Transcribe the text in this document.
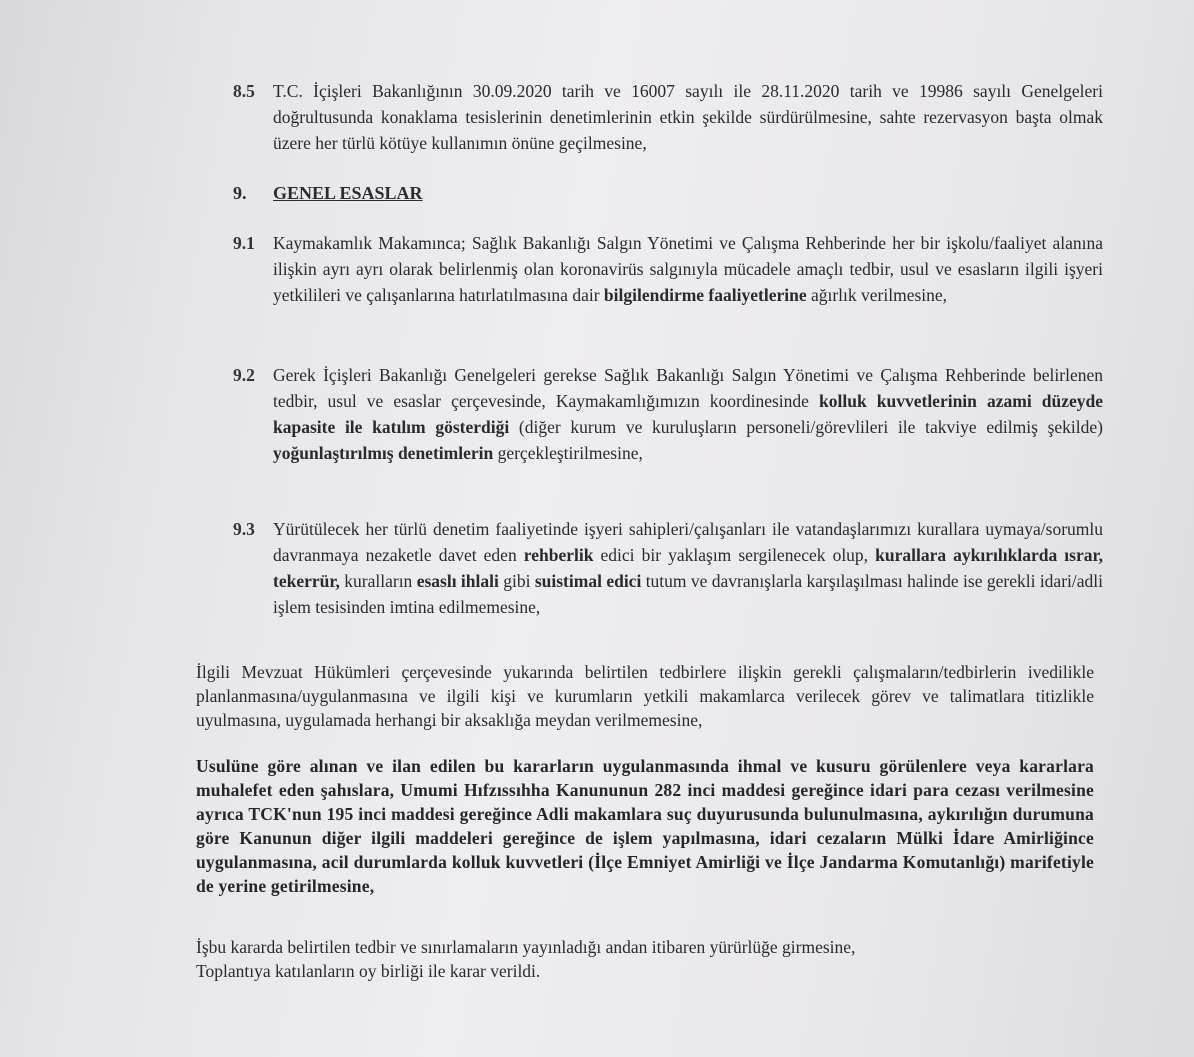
8.5 T.C. İçişleri Bakanlığının 30.09.2020 tarih ve 16007 sayılı ile 28.11.2020 tarih ve 19986 sayılı Genelgeleri doğrultusunda konaklama tesislerinin denetimlerinin etkin şekilde sürdürülmesine, sahte rezervasyon başta olmak üzere her türlü kötüye kullanımın önüne geçilmesine,
9. GENEL ESASLAR
9.1 Kaymakamlık Makamınca; Sağlık Bakanlığı Salgın Yönetimi ve Çalışma Rehberinde her bir işkolu/faaliyet alanına ilişkin ayrı ayrı olarak belirlenmiş olan koronavirüs salgınıyla mücadele amaçlı tedbir, usul ve esasların ilgili işyeri yetkilileri ve çalışanlarına hatırlatılmasına dair bilgilendirme faaliyetlerine ağırlık verilmesine,
9.2 Gerek İçişleri Bakanlığı Genelgeleri gerekse Sağlık Bakanlığı Salgın Yönetimi ve Çalışma Rehberinde belirlenen tedbir, usul ve esaslar çerçevesinde, Kaymakamlığımızın koordinesinde kolluk kuvvetlerinin azami düzeyde kapasite ile katılım gösterdiği (diğer kurum ve kuruluşların personeli/görevlileri ile takviye edilmiş şekilde) yoğunlaştırılmış denetimlerin gerçekleştirilmesine,
9.3 Yürütülecek her türlü denetim faaliyetinde işyeri sahipleri/çalışanları ile vatandaşlarımızı kurallara uymaya/sorumlu davranmaya nezaketle davet eden rehberlik edici bir yaklaşım sergilenecek olup, kurallara aykırılıklarda ısrar, tekerrür, kuralların esaslı ihlali gibi suistimal edici tutum ve davranışlarla karşılaşılması halinde ise gerekli idari/adli işlem tesisinden imtina edilmemesine,
İlgili Mevzuat Hükümleri çerçevesinde yukarında belirtilen tedbirlere ilişkin gerekli çalışmaların/tedbirlerin ivedilikle planlanmasına/uygulanmasına ve ilgili kişi ve kurumların yetkili makamlarca verilecek görev ve talimatlara titizlikle uyulmasına, uygulamada herhangi bir aksaklığa meydan verilmemesine,
Usulüne göre alınan ve ilan edilen bu kararların uygulanmasında ihmal ve kusuru görülenlere veya kararlara muhalefet eden şahıslara, Umumi Hıfzıssıhha Kanununun 282 inci maddesi gereğince idari para cezası verilmesine ayrıca TCK'nun 195 inci maddesi gereğince Adli makamlara suç duyurusunda bulunulmasına, aykırılığın durumuna göre Kanunun diğer ilgili maddeleri gereğince de işlem yapılmasına, idari cezaların Mülki İdare Amirliğince uygulanmasına, acil durumlarda kolluk kuvvetleri (İlçe Emniyet Amirliği ve İlçe Jandarma Komutanlığı) marifetiyle de yerine getirilmesine,
İşbu kararda belirtilen tedbir ve sınırlamaların yayınladığı andan itibaren yürürlüğe girmesine,
Toplantıya katılanların oy birliği ile karar verildi.
